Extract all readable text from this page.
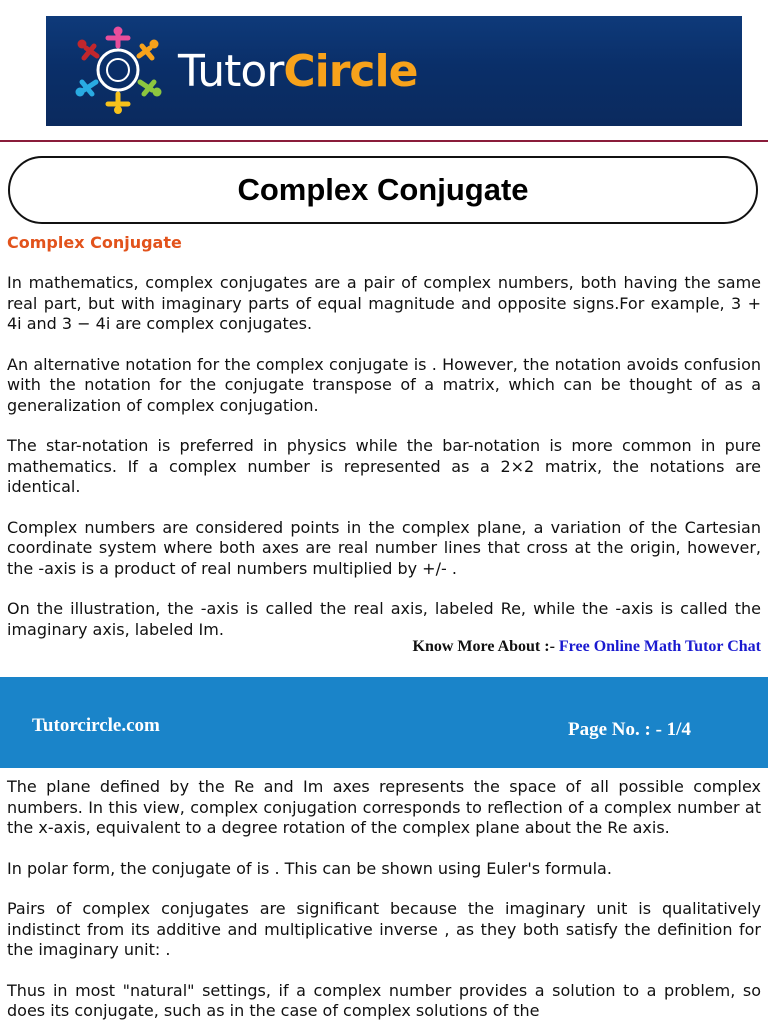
TutorCircle
Complex Conjugate
Complex Conjugate

In mathematics, complex conjugates are a pair of complex numbers, both having the same real part, but with imaginary parts of equal magnitude and opposite signs.For example, 3 + 4i and 3 − 4i are complex conjugates.

An alternative notation for the complex conjugate is . However, the notation avoids confusion with the notation for the conjugate transpose of a matrix, which can be thought of as a generalization of complex conjugation.

The star-notation is preferred in physics while the bar-notation is more common in pure mathematics. If a complex number is represented as a 2×2 matrix, the notations are identical.

Complex numbers are considered points in the complex plane, a variation of the Cartesian coordinate system where both axes are real number lines that cross at the origin, however, the -axis is a product of real numbers multiplied by +/- .

On the illustration, the -axis is called the real axis, labeled Re, while the -axis is called the imaginary axis, labeled Im.

Know More About :- Free Online Math Tutor Chat
Tutorcircle.com	Page No. : - 1/4

The plane defined by the Re and Im axes represents the space of all possible complex numbers. In this view, complex conjugation corresponds to reflection of a complex number at the x-axis, equivalent to a degree rotation of the complex plane about the Re axis.

In polar form, the conjugate of is . This can be shown using Euler's formula.

Pairs of complex conjugates are significant because the imaginary unit is qualitatively indistinct from its additive and multiplicative inverse , as they both satisfy the definition for the imaginary unit: .

Thus in most "natural" settings, if a complex number provides a solution to a problem, so does its conjugate, such as in the case of complex solutions of the
